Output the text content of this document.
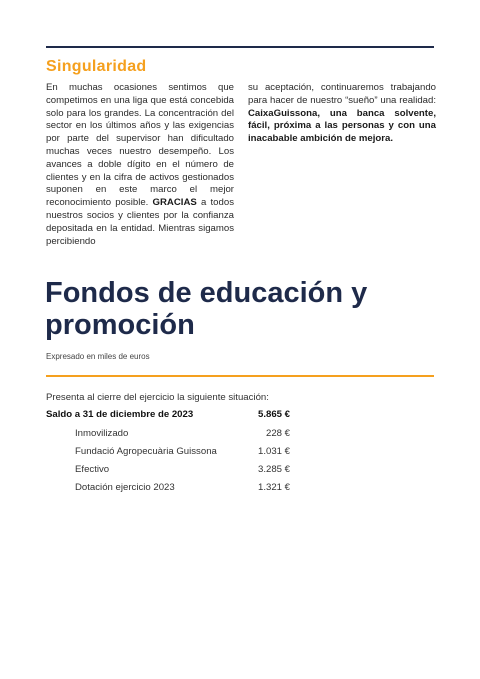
Singularidad

En muchas ocasiones sentimos que competimos en una liga que está concebida solo para los grandes. La concentración del sector en los últimos años y las exigencias por parte del supervisor han dificultado muchas veces nuestro desempeño. Los avances a doble dígito en el número de clientes y en la cifra de activos gestionados suponen en este marco el mejor reconocimiento posible. GRACIAS a todos nuestros socios y clientes por la confianza depositada en la entidad. Mientras sigamos percibiendo

su aceptación, continuaremos trabajando para hacer de nuestro “sueño” una realidad: CaixaGuissona, una banca solvente, fácil, próxima a las personas y con una inacabable ambición de mejora.

Fondos de educación y promoción
Expresado en miles de euros
Presenta al cierre del ejercicio la siguiente situación:
Saldo a 31 de diciembre de 2023	5.865 €
Inmovilizado	228 €
Fundació Agropecuària Guissona	1.031 €
Efectivo	3.285 €
Dotación ejercicio 2023	1.321 €
